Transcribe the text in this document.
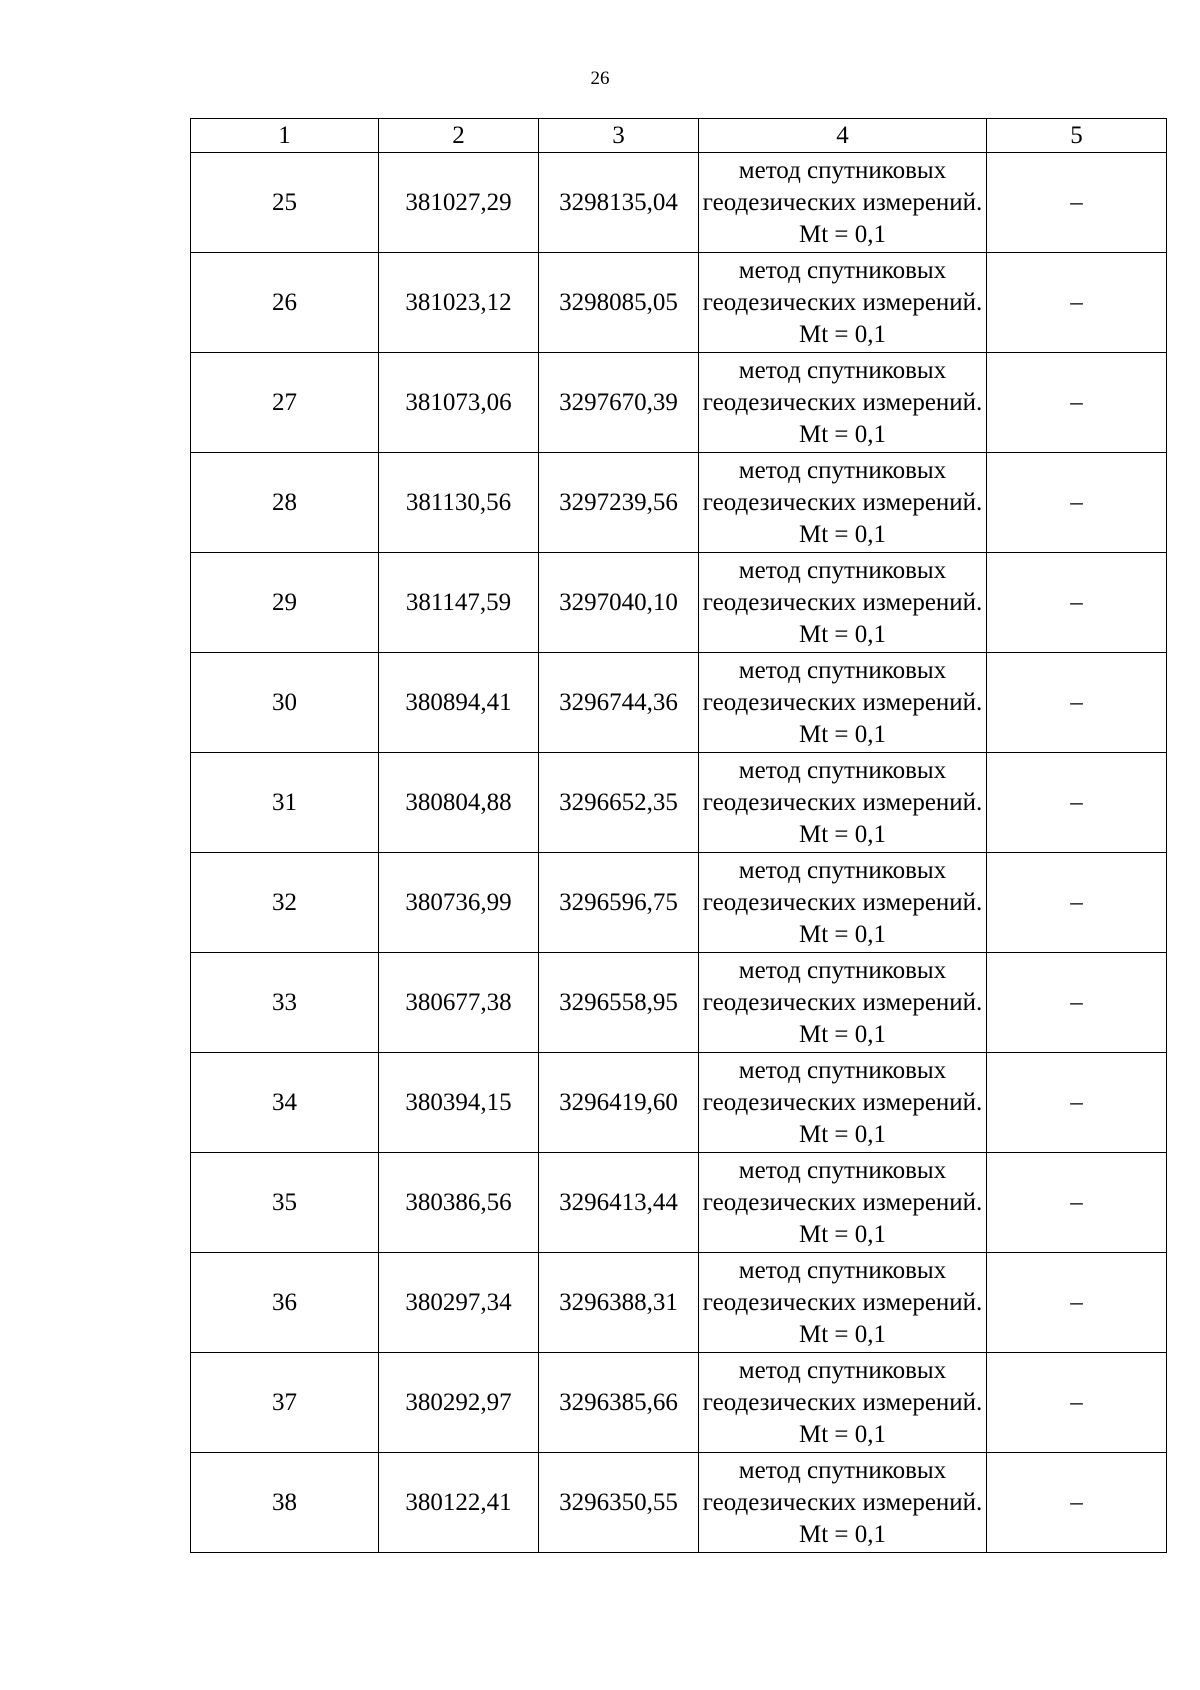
26
1	2	3	4	5
25	381027,29	3298135,04	метод спутниковых геодезических измерений. Mt = 0,1	–
26	381023,12	3298085,05	метод спутниковых геодезических измерений. Mt = 0,1	–
27	381073,06	3297670,39	метод спутниковых геодезических измерений. Mt = 0,1	–
28	381130,56	3297239,56	метод спутниковых геодезических измерений. Mt = 0,1	–
29	381147,59	3297040,10	метод спутниковых геодезических измерений. Mt = 0,1	–
30	380894,41	3296744,36	метод спутниковых геодезических измерений. Mt = 0,1	–
31	380804,88	3296652,35	метод спутниковых геодезических измерений. Mt = 0,1	–
32	380736,99	3296596,75	метод спутниковых геодезических измерений. Mt = 0,1	–
33	380677,38	3296558,95	метод спутниковых геодезических измерений. Mt = 0,1	–
34	380394,15	3296419,60	метод спутниковых геодезических измерений. Mt = 0,1	–
35	380386,56	3296413,44	метод спутниковых геодезических измерений. Mt = 0,1	–
36	380297,34	3296388,31	метод спутниковых геодезических измерений. Mt = 0,1	–
37	380292,97	3296385,66	метод спутниковых геодезических измерений. Mt = 0,1	–
38	380122,41	3296350,55	метод спутниковых геодезических измерений. Mt = 0,1	–
